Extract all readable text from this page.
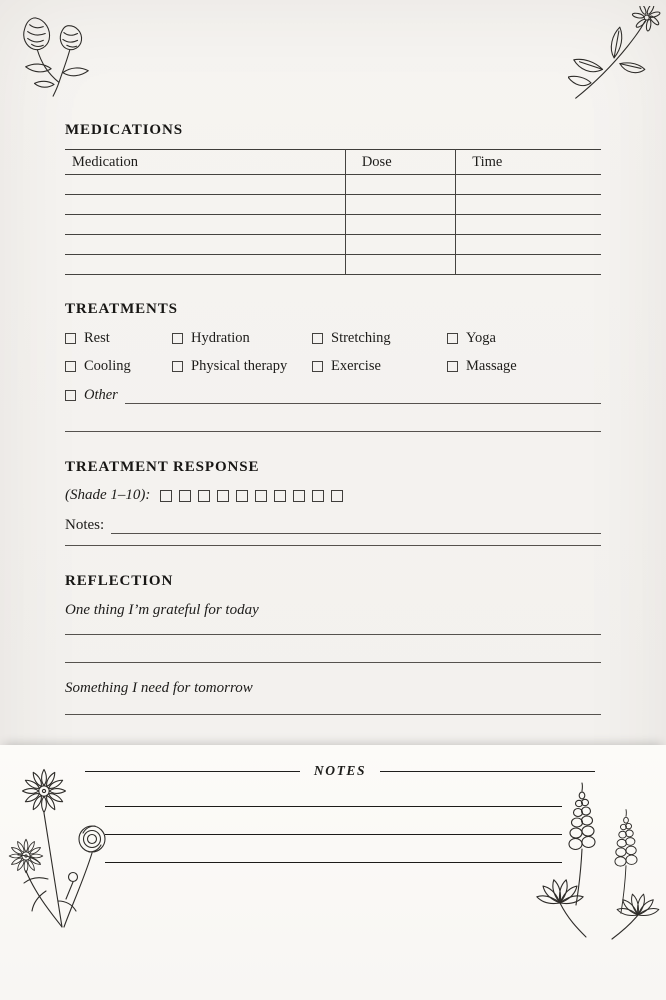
MEDICATIONS
Medication	Dose	Time

TREATMENTS
Rest	Hydration	Stretching	Yoga
Cooling	Physical therapy	Exercise	Massage
Other
TREATMENT RESPONSE
(Shade 1–10):
Notes:
REFLECTION

One thing I’m grateful for today

Something I need for tomorrow

NOTES
